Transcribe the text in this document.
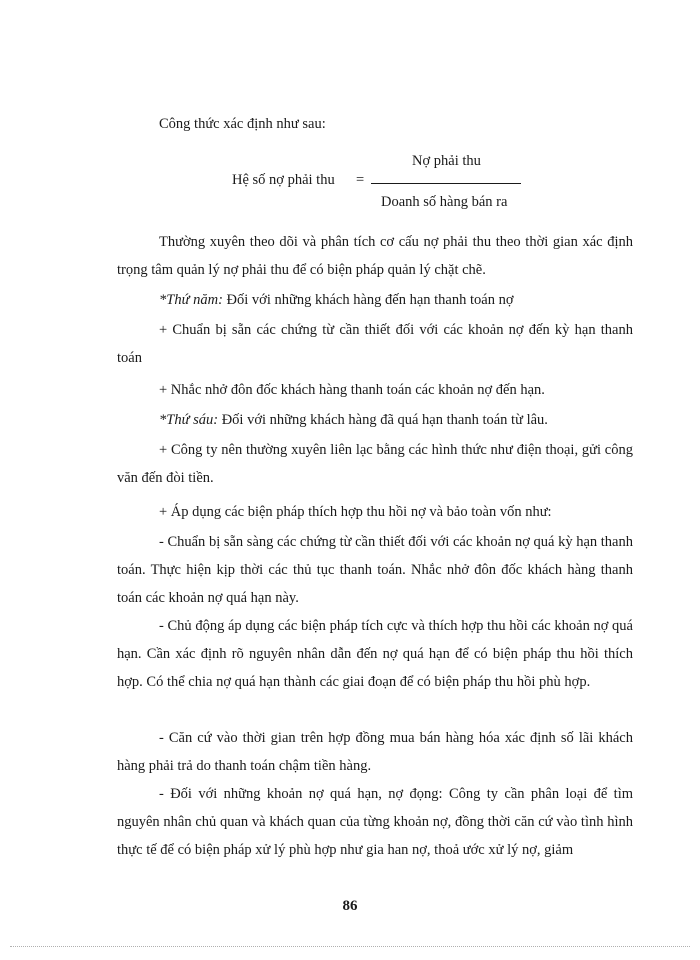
Công thức xác định như sau:

Hệ số nợ phải thu =
Nợ phải thu
Doanh số hàng bán ra

Thường xuyên theo dõi và phân tích cơ cấu nợ phải thu theo thời gian xác định trọng tâm quản lý nợ phải thu để có biện pháp quản lý chặt chẽ.

*Thứ năm: Đối với những khách hàng đến hạn thanh toán nợ

+ Chuẩn bị sẵn các chứng từ cần thiết đối với các khoản nợ đến kỳ hạn thanh toán

+ Nhắc nhở đôn đốc khách hàng thanh toán các khoản nợ đến hạn.

*Thứ sáu: Đối với những khách hàng đã quá hạn thanh toán từ lâu.

+ Công ty nên thường xuyên liên lạc bằng các hình thức như điện thoại, gửi công văn đến đòi tiền.

+ Áp dụng các biện pháp thích hợp thu hồi nợ và bảo toàn vốn như:

- Chuẩn bị sẵn sàng các chứng từ cần thiết đối với các khoản nợ quá kỳ hạn thanh toán. Thực hiện kịp thời các thủ tục thanh toán. Nhắc nhở đôn đốc khách hàng thanh toán các khoản nợ quá hạn này.

- Chủ động áp dụng các biện pháp tích cực và thích hợp thu hồi các khoản nợ quá hạn. Cần xác định rõ nguyên nhân dẫn đến nợ quá hạn để có biện pháp thu hồi thích hợp. Có thể chia nợ quá hạn thành các giai đoạn để có biện pháp thu hồi phù hợp.

- Căn cứ vào thời gian trên hợp đồng mua bán hàng hóa xác định số lãi khách hàng phải trả do thanh toán chậm tiền hàng.

- Đối với những khoản nợ quá hạn, nợ đọng: Công ty cần phân loại để tìm nguyên nhân chủ quan và khách quan của từng khoản nợ, đồng thời căn cứ vào tình hình thực tế để có biện pháp xử lý phù hợp như gia han nợ, thoả ước xử lý nợ, giảm

86
